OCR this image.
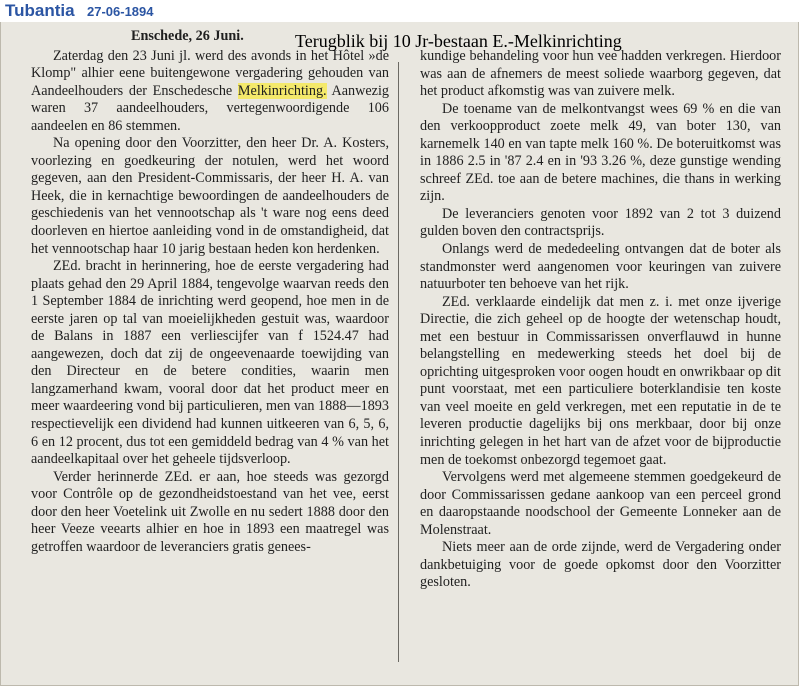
Tubantia 27-06-1894

Enschede, 26 Juni.

Zaterdag den 23 Juni jl. werd des avonds in het Hôtel »de Klomp" alhier eene buitengewone vergadering gehouden van Aandeelhouders der Enschedesche Melkinrichting. Aanwezig waren 37 aandeelhouders, vertegenwoordigende 106 aandeelen en 86 stemmen.

Na opening door den Voorzitter, den heer Dr. A. Kosters, voorlezing en goedkeuring der notulen, werd het woord gegeven, aan den President-Commissaris, der heer H. A. van Heek, die in kernachtige bewoordingen de aandeelhouders de geschiedenis van het vennootschap als 't ware nog eens deed doorleven en hiertoe aanleiding vond in de omstandigheid, dat het vennootschap haar 10 jarig bestaan heden kon herdenken.

ZEd. bracht in herinnering, hoe de eerste vergadering had plaats gehad den 29 April 1884, tengevolge waarvan reeds den 1 September 1884 de inrichting werd geopend, hoe men in de eerste jaren op tal van moeielijkheden gestuit was, waardoor de Balans in 1887 een verliescijfer van f 1524.47 had aangewezen, doch dat zij de ongeevenaarde toewijding van den Directeur en de betere condities, waarin men langzamerhand kwam, vooral door dat het product meer en meer waardeering vond bij particulieren, men van 1888—1893 respectievelijk een dividend had kunnen uitkeeren van 6, 5, 6, 6 en 12 procent, dus tot een gemiddeld bedrag van 4 % van het aandeelkapitaal over het geheele tijdsverloop.

Verder herinnerde ZEd. er aan, hoe steeds was gezorgd voor Contrôle op de gezondheidstoestand van het vee, eerst door den heer Voetelink uit Zwolle en nu sedert 1888 door den heer Veeze veearts alhier en hoe in 1893 een maatregel was getroffen waardoor de leveranciers gratis genees-

kundige behandeling voor hun vee hadden verkregen. Hierdoor was aan de afnemers de meest soliede waarborg gegeven, dat het product afkomstig was van zuivere melk.

De toename van de melkontvangst wees 69 % en die van den verkoopproduct zoete melk 49, van boter 130, van karnemelk 140 en van tapte melk 160 %. De boteruitkomst was in 1886 2.5 in '87 2.4 en in '93 3.26 %, deze gunstige wending schreef ZEd. toe aan de betere machines, die thans in werking zijn.

De leveranciers genoten voor 1892 van 2 tot 3 duizend gulden boven den contractsprijs.

Onlangs werd de mededeeling ontvangen dat de boter als standmonster werd aangenomen voor keuringen van zuivere natuurboter ten behoeve van het rijk.

ZEd. verklaarde eindelijk dat men z. i. met onze ijverige Directie, die zich geheel op de hoogte der wetenschap houdt, met een bestuur in Commissarissen onverflauwd in hunne belangstelling en medewerking steeds het doel bij de oprichting uitgesproken voor oogen houdt en onwrikbaar op dit punt voorstaat, met een particuliere boterklandisie ten koste van veel moeite en geld verkregen, met een reputatie in de te leveren productie dagelijks bij ons merkbaar, door bij onze inrichting gelegen in het hart van de afzet voor de bijproductie men de toekomst onbezorgd tegemoet gaat.

Vervolgens werd met algemeene stemmen goedgekeurd de door Commissarissen gedane aankoop van een perceel grond en daaropstaande noodschool der Gemeente Lonneker aan de Molenstraat.

Niets meer aan de orde zijnde, werd de Vergadering onder dankbetuiging voor de goede opkomst door den Voorzitter gesloten.

Terugblik bij 10 Jr-bestaan E.-Melkinrichting
